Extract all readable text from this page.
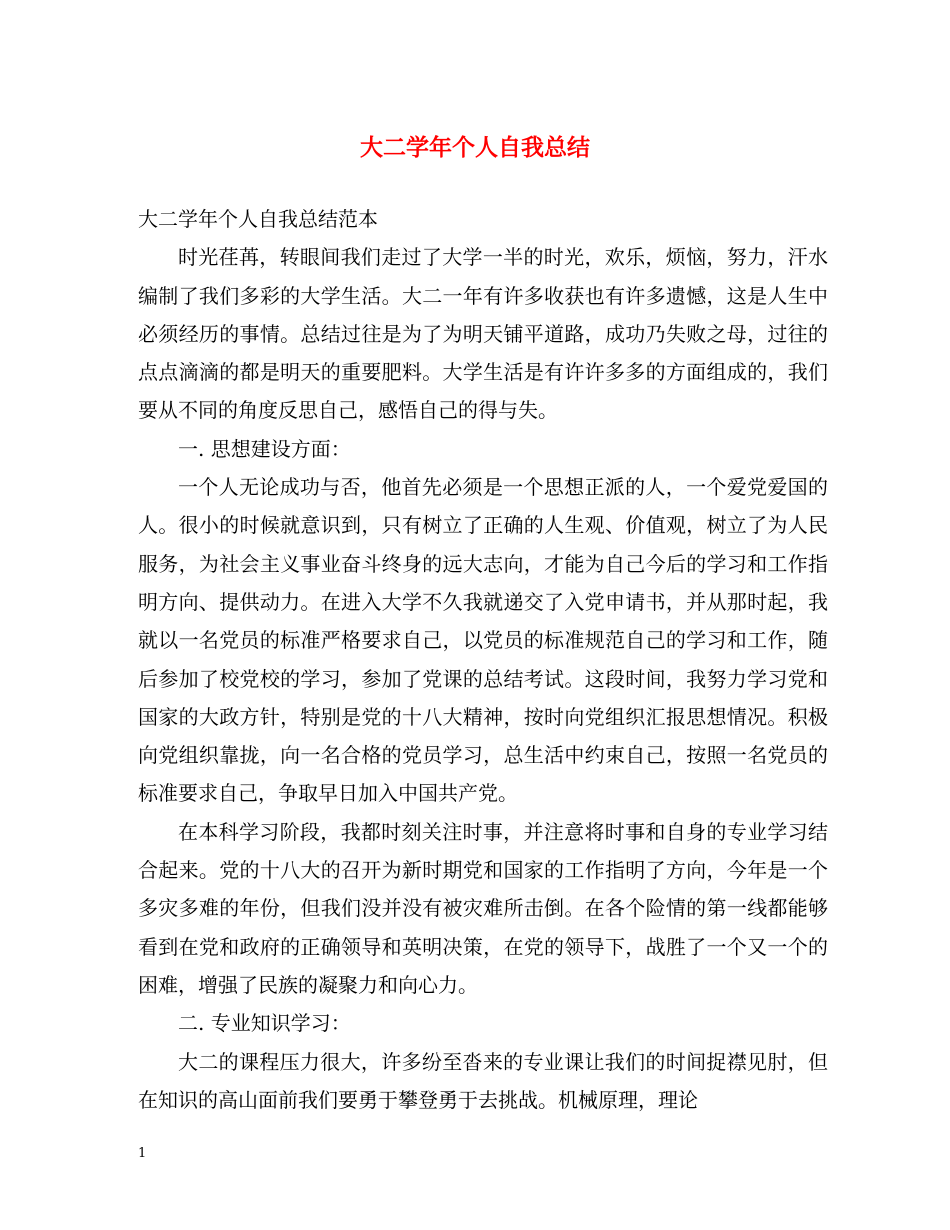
大二学年个人自我总结

大二学年个人自我总结范本

时光荏苒，转眼间我们走过了大学一半的时光，欢乐，烦恼，努力，汗水编制了我们多彩的大学生活。大二一年有许多收获也有许多遗憾，这是人生中必须经历的事情。总结过往是为了为明天铺平道路，成功乃失败之母，过往的点点滴滴的都是明天的重要肥料。大学生活是有许许多多的方面组成的，我们要从不同的角度反思自己，感悟自己的得与失。

一. 思想建设方面：

一个人无论成功与否，他首先必须是一个思想正派的人，一个爱党爱国的人。很小的时候就意识到，只有树立了正确的人生观、价值观，树立了为人民服务，为社会主义事业奋斗终身的远大志向，才能为自己今后的学习和工作指明方向、提供动力。在进入大学不久我就递交了入党申请书，并从那时起，我就以一名党员的标准严格要求自己，以党员的标准规范自己的学习和工作，随后参加了校党校的学习，参加了党课的总结考试。这段时间，我努力学习党和国家的大政方针，特别是党的十八大精神，按时向党组织汇报思想情况。积极向党组织靠拢，向一名合格的党员学习，总生活中约束自己，按照一名党员的标准要求自己，争取早日加入中国共产党。

在本科学习阶段，我都时刻关注时事，并注意将时事和自身的专业学习结合起来。党的十八大的召开为新时期党和国家的工作指明了方向，今年是一个多灾多难的年份，但我们没并没有被灾难所击倒。在各个险情的第一线都能够看到在党和政府的正确领导和英明决策，在党的领导下，战胜了一个又一个的困难，增强了民族的凝聚力和向心力。

二. 专业知识学习：

大二的课程压力很大，许多纷至沓来的专业课让我们的时间捉襟见肘，但在知识的高山面前我们要勇于攀登勇于去挑战。机械原理，理论

1
